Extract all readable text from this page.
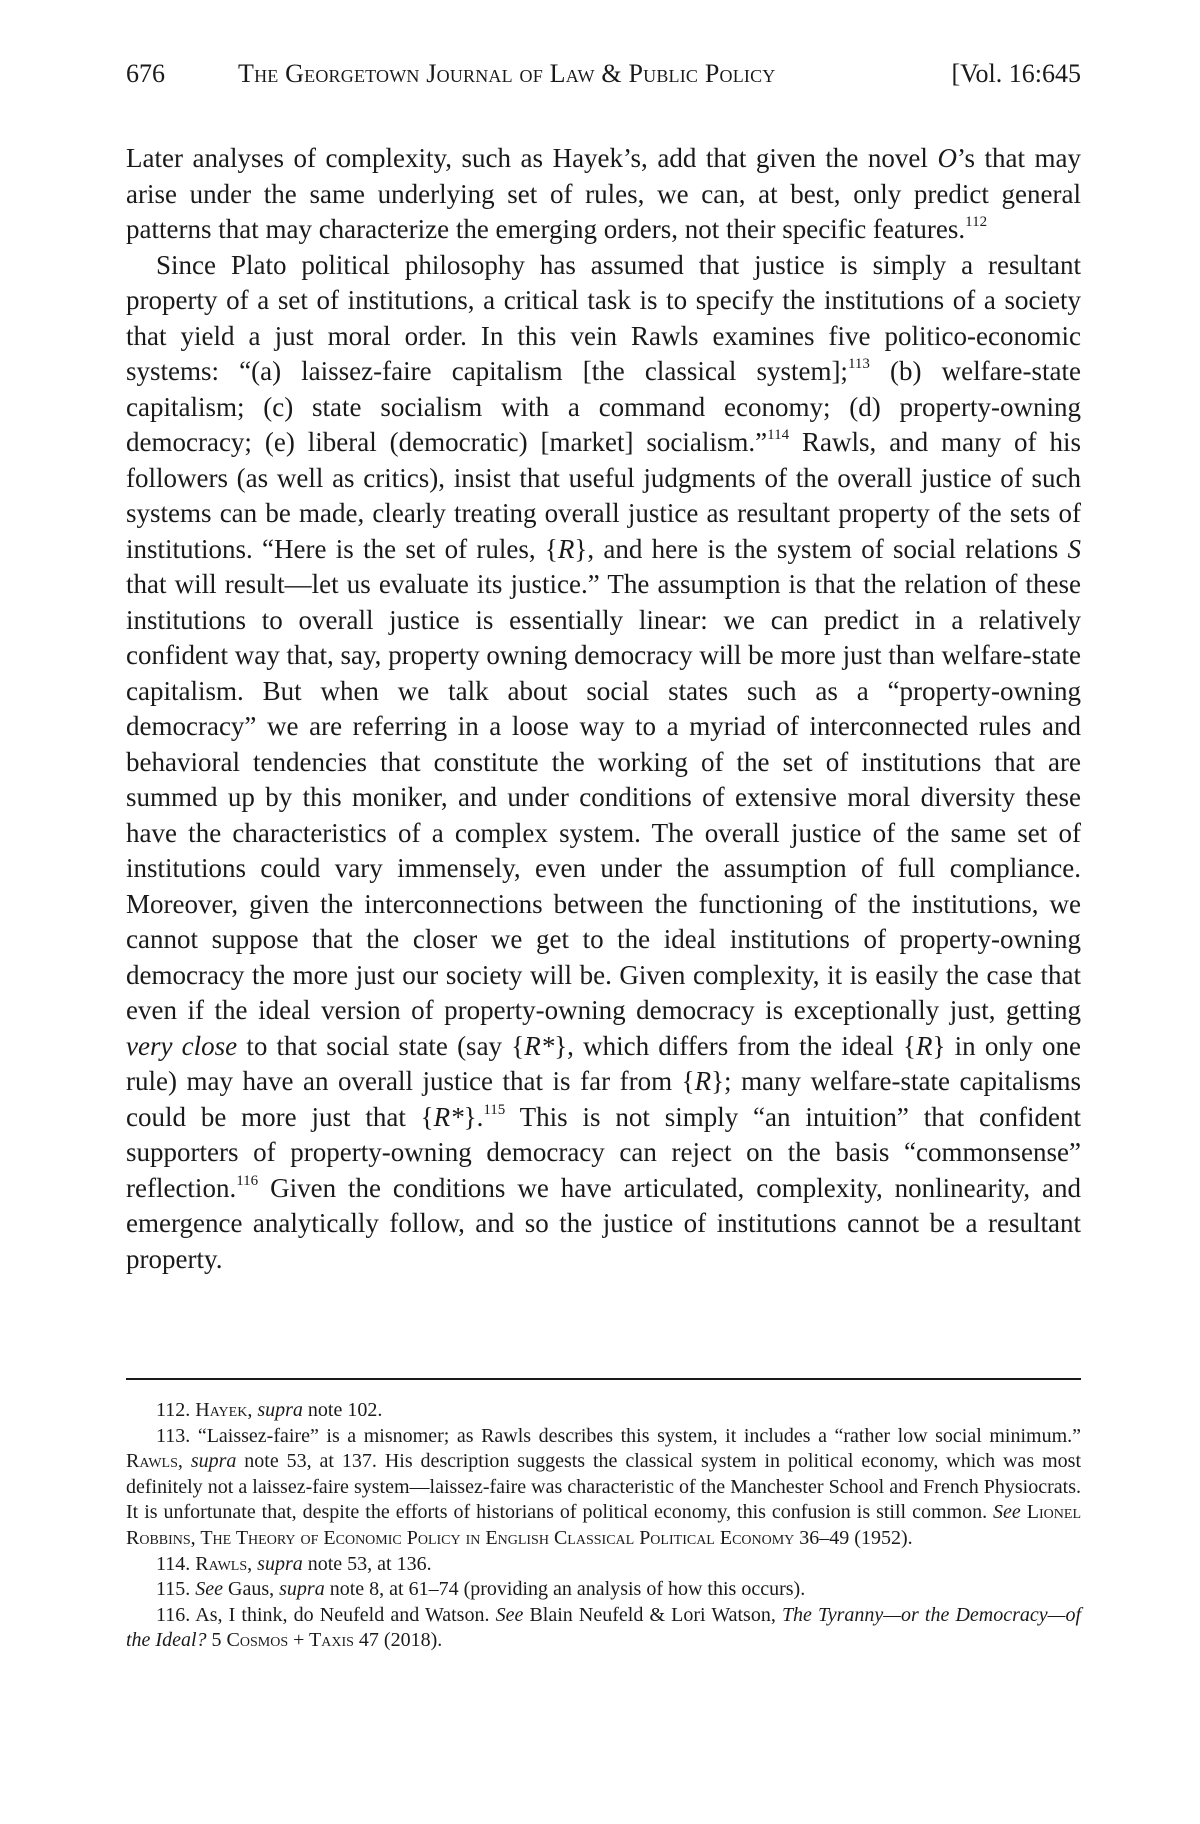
676	The Georgetown Journal of Law & Public Policy	[Vol. 16:645

Later analyses of complexity, such as Hayek’s, add that given the novel O’s that may arise under the same underlying set of rules, we can, at best, only predict general patterns that may characterize the emerging orders, not their specific features.$^{112}$

Since Plato political philosophy has assumed that justice is simply a resultant property of a set of institutions, a critical task is to specify the institutions of a society that yield a just moral order. In this vein Rawls examines five politico-economic systems: “(a) laissez-faire capitalism [the classical system];$^{113}$ (b) welfare-state capitalism; (c) state socialism with a command economy; (d) property-owning democracy; (e) liberal (democratic) [market] socialism.”$^{114}$ Rawls, and many of his followers (as well as critics), insist that useful judgments of the overall justice of such systems can be made, clearly treating overall justice as resultant property of the sets of institutions. “Here is the set of rules, {R}, and here is the system of social relations S that will result—let us evaluate its justice.” The assumption is that the relation of these institutions to overall justice is essentially linear: we can predict in a relatively confident way that, say, property owning democracy will be more just than welfare-state capitalism. But when we talk about social states such as a “property-owning democracy” we are referring in a loose way to a myriad of interconnected rules and behavioral tendencies that constitute the working of the set of institutions that are summed up by this moniker, and under conditions of extensive moral diversity these have the characteristics of a complex system. The overall justice of the same set of institutions could vary immensely, even under the assumption of full compliance. Moreover, given the interconnections between the functioning of the institutions, we cannot suppose that the closer we get to the ideal institutions of property-owning democracy the more just our society will be. Given complexity, it is easily the case that even if the ideal version of property-owning democracy is exceptionally just, getting very close to that social state (say {R*}, which differs from the ideal {R} in only one rule) may have an overall justice that is far from {R}; many welfare-state capitalisms could be more just that {R*}.$^{115}$ This is not simply “an intuition” that confident supporters of property-owning democracy can reject on the basis “commonsense” reflection.$^{116}$ Given the conditions we have articulated, complexity, nonlinearity, and emergence analytically follow, and so the justice of institutions cannot be a resultant property.

112. Hayek, supra note 102.

113. “Laissez-faire” is a misnomer; as Rawls describes this system, it includes a “rather low social minimum.” Rawls, supra note 53, at 137. His description suggests the classical system in political economy, which was most definitely not a laissez-faire system—laissez-faire was characteristic of the Manchester School and French Physiocrats. It is unfortunate that, despite the efforts of historians of political economy, this confusion is still common. See Lionel Robbins, The Theory of Economic Policy in English Classical Political Economy 36–49 (1952).

114. Rawls, supra note 53, at 136.

115. See Gaus, supra note 8, at 61–74 (providing an analysis of how this occurs).

116. As, I think, do Neufeld and Watson. See Blain Neufeld & Lori Watson, The Tyranny—or the Democracy—of the Ideal? 5 Cosmos + Taxis 47 (2018).
